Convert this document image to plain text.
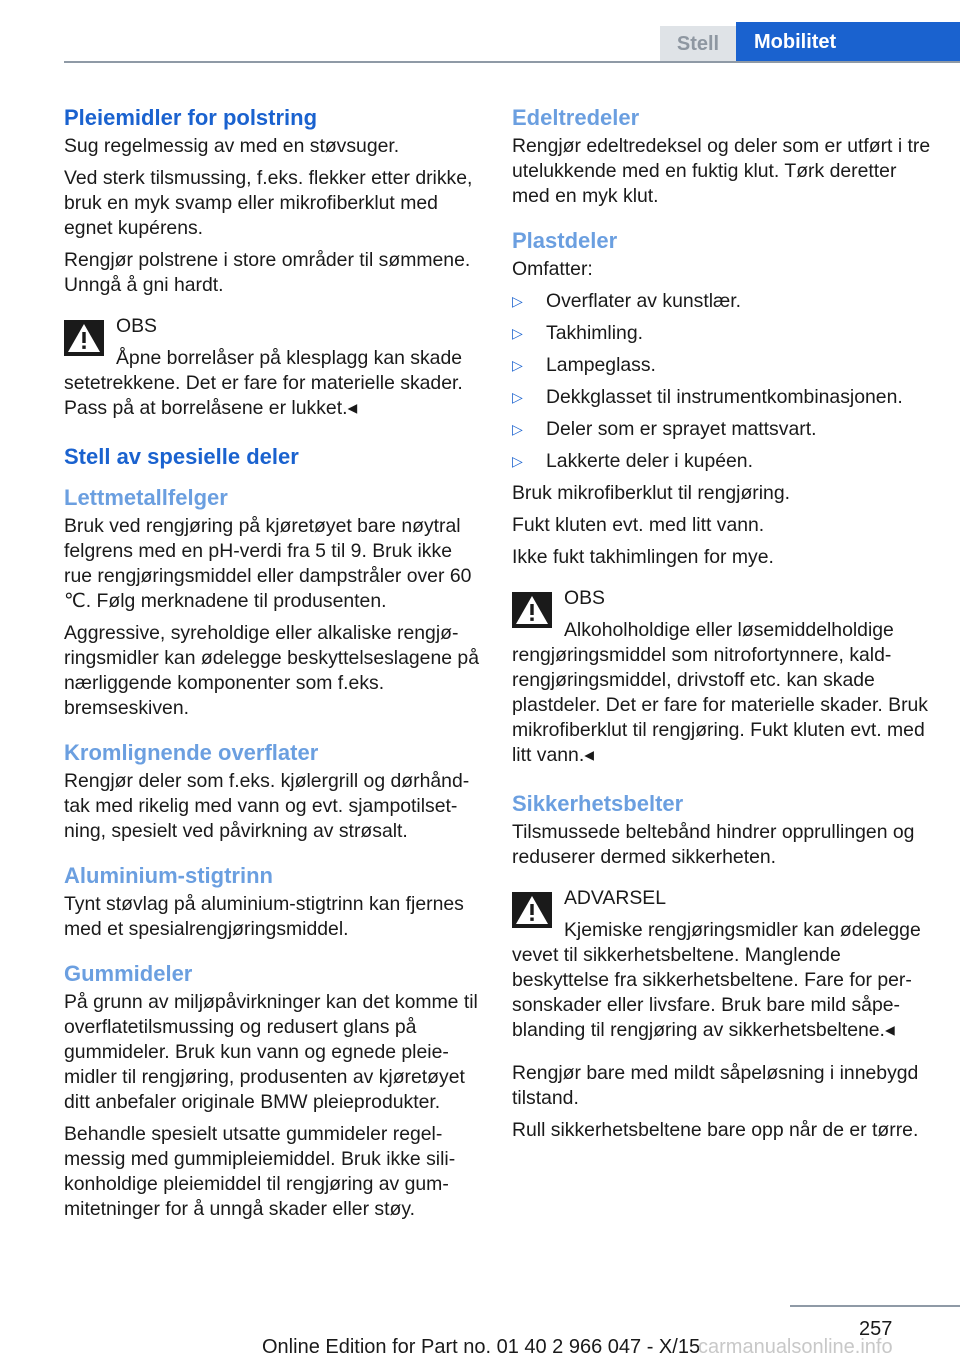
Stell	Mobilitet
Pleiemidler for polstring

Sug regelmessig av med en støvsuger.

Ved sterk tilsmussing, f.eks. flekker etter drikke, bruk en myk svamp eller mikrofiberklut med egnet kupérens.

Rengjør polstrene i store områder til sømmene. Unngå å gni hardt.

OBS

Åpne borrelåser på klesplagg kan skade setetrekkene. Det er fare for materielle skader. Pass på at borrelåsene er lukket.◂

Stell av spesielle deler
Lettmetallfelger

Bruk ved rengjøring på kjøretøyet bare nøytral felgrens med en pH-verdi fra 5 til 9. Bruk ikke rue rengjøringsmiddel eller dampstråler over 60 ℃. Følg merknadene til produsenten.

Aggressive, syreholdige eller alkaliske rengjøringsmidler kan ødelegge beskyttelseslagene på nærliggende komponenter som f.eks. bremseskiven.

Kromlignende overflater

Rengjør deler som f.eks. kjølergrill og dørhåndtak med rikelig med vann og evt. sjampotilsetning, spesielt ved påvirkning av strøsalt.

Aluminium-stigtrinn

Tynt støvlag på aluminium-stigtrinn kan fjernes med et spesialrengjøringsmiddel.

Gummideler

På grunn av miljøpåvirkninger kan det komme til overflatetilsmussing og redusert glans på gummideler. Bruk kun vann og egnede pleiemidler til rengjøring, produsenten av kjøretøyet ditt anbefaler originale BMW pleieprodukter.

Behandle spesielt utsatte gummideler regelmessig med gummipleiemiddel. Bruk ikke silikonholdige pleiemiddel til rengjøring av gummitetninger for å unngå skader eller støy.

Edeltredeler

Rengjør edeltredeksel og deler som er utført i tre utelukkende med en fuktig klut. Tørk deretter med en myk klut.

Plastdeler

Omfatter:

▷ Overflater av kunstlær.
▷ Takhimling.
▷ Lampeglass.
▷ Dekkglasset til instrumentkombinasjonen.
▷ Deler som er sprayet mattsvart.
▷ Lakkerte deler i kupéen.

Bruk mikrofiberklut til rengjøring.

Fukt kluten evt. med litt vann.

Ikke fukt takhimlingen for mye.

OBS

Alkoholholdige eller løsemiddelholdige rengjøringsmiddel som nitrofortynnere, kaldrengjøringsmiddel, drivstoff etc. kan skade plastdeler. Det er fare for materielle skader. Bruk mikrofiberklut til rengjøring. Fukt kluten evt. med litt vann.◂

Sikkerhetsbelter

Tilsmussede beltebånd hindrer opprullingen og reduserer dermed sikkerheten.

ADVARSEL

Kjemiske rengjøringsmidler kan ødelegge vevet til sikkerhetsbeltene. Manglende beskyttelse fra sikkerhetsbeltene. Fare for personskader eller livsfare. Bruk bare mild såpeblanding til rengjøring av sikkerhetsbeltene.◂

Rengjør bare med mildt såpeløsning i innebygd tilstand.

Rull sikkerhetsbeltene bare opp når de er tørre.

257
Online Edition for Part no. 01 40 2 966 047 - X/15
carmanualsonline.info
